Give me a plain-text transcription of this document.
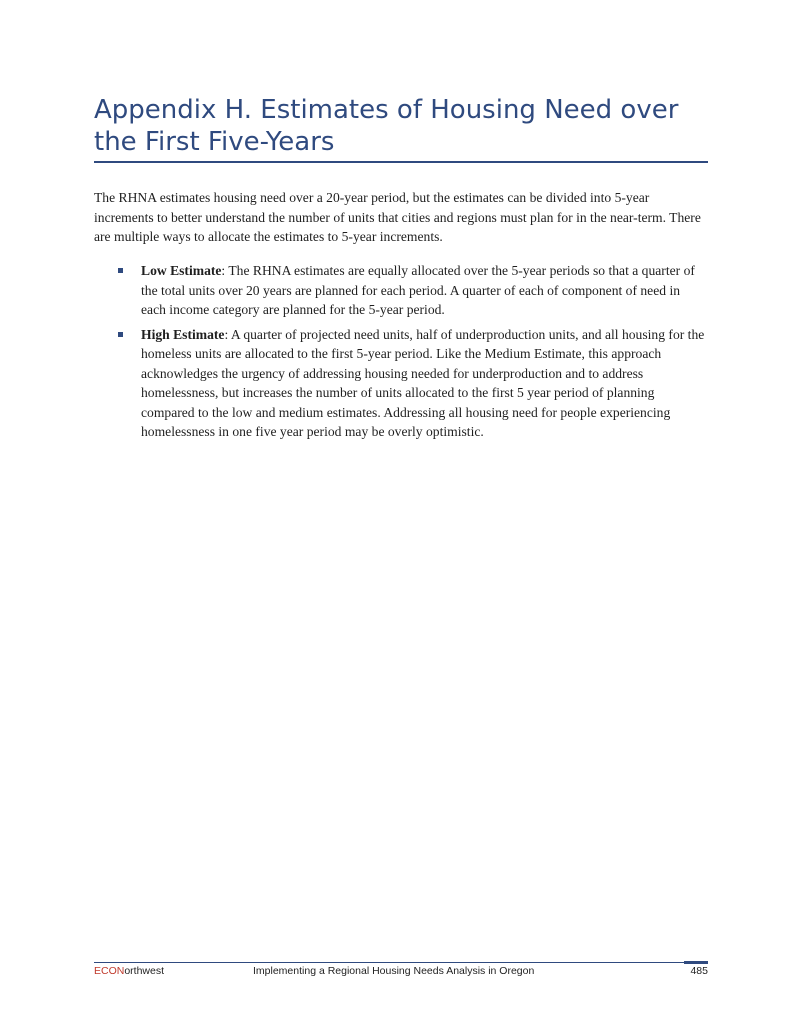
Appendix H. Estimates of Housing Need over the First Five-Years

The RHNA estimates housing need over a 20-year period, but the estimates can be divided into 5-year increments to better understand the number of units that cities and regions must plan for in the near-term. There are multiple ways to allocate the estimates to 5-year increments.

Low Estimate: The RHNA estimates are equally allocated over the 5-year periods so that a quarter of the total units over 20 years are planned for each period. A quarter of each of component of need in each income category are planned for the 5-year period.
High Estimate: A quarter of projected need units, half of underproduction units, and all housing for the homeless units are allocated to the first 5-year period. Like the Medium Estimate, this approach acknowledges the urgency of addressing housing needed for underproduction and to address homelessness, but increases the number of units allocated to the first 5 year period of planning compared to the low and medium estimates. Addressing all housing need for people experiencing homelessness in one five year period may be overly optimistic.
ECONorthwest	Implementing a Regional Housing Needs Analysis in Oregon	485
